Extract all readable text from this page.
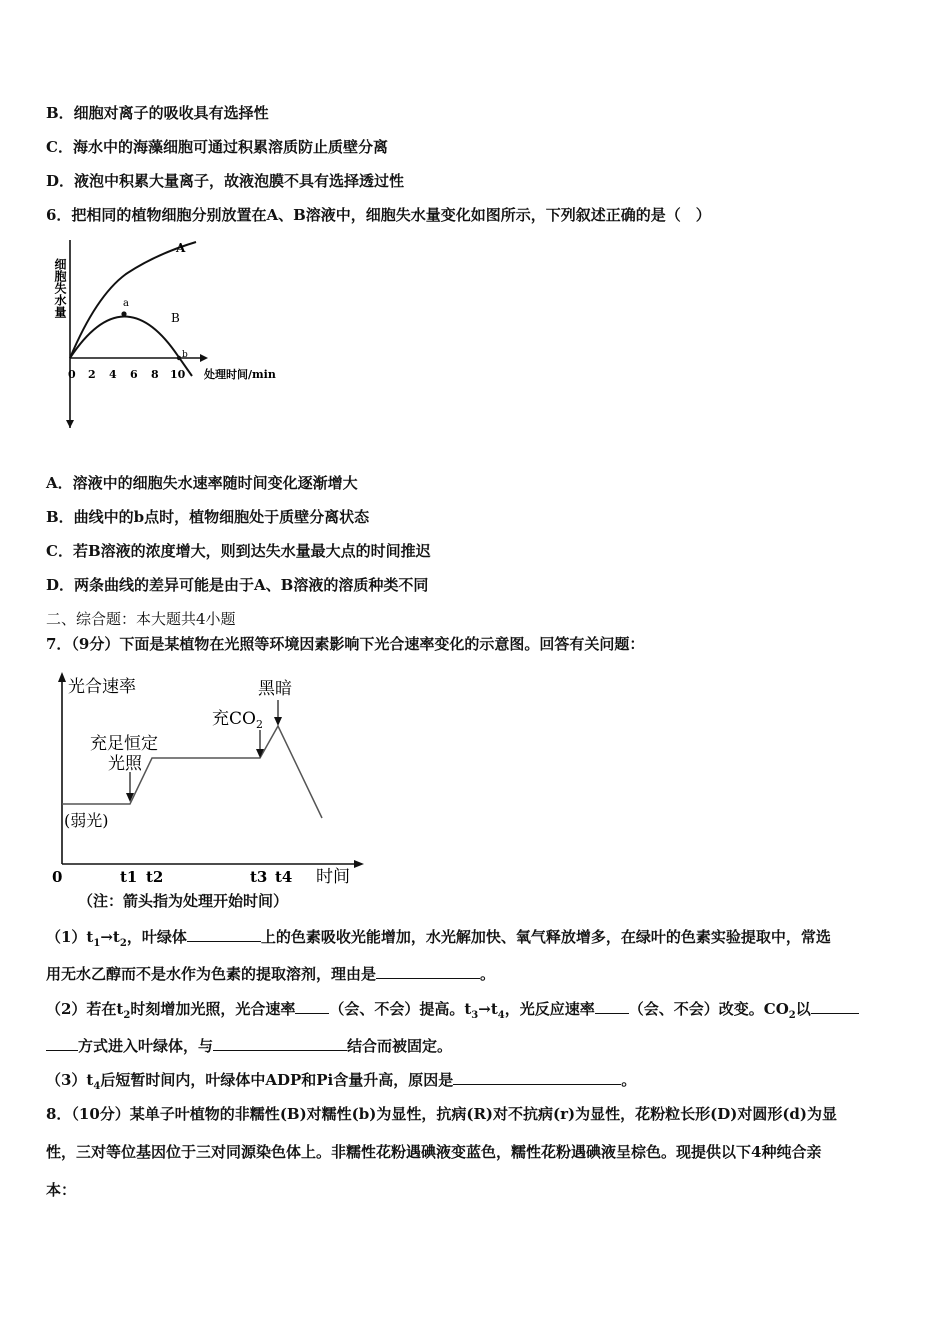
B．细胞对离子的吸收具有选择性
C．海水中的海藻细胞可通过积累溶质防止质壁分离
D．液泡中积累大量离子，故液泡膜不具有选择透过性
6．把相同的植物细胞分别放置在A、B溶液中，细胞失水量变化如图所示，下列叙述正确的是（　）
A
B
a
b
细胞失水量
0 2 4 6 8 10 处理时间/min
A．溶液中的细胞失水速率随时间变化逐渐增大
B．曲线中的b点时，植物细胞处于质壁分离状态
C．若B溶液的浓度增大，则到达失水量最大点的时间推迟
D．两条曲线的差异可能是由于A、B溶液的溶质种类不同
二、综合题：本大题共4小题
7．（9分）下面是某植物在光照等环境因素影响下光合速率变化的示意图。回答有关问题：
光合速率
(弱光)
充足恒定
光照
充$CO_2$
黑暗
0	t1 t2	t3 t4 时间
（注：箭头指为处理开始时间）
$(1)t_1\to t_2$，叶绿体	上的色素吸收光能增加，水光解加快、氧气释放增多，在绿叶的色素实验提取中，常选
用无水乙醇而不是水作为色素的提取溶剂，理由是	。
（2）若在$t_2$时刻增加光照，光合速率 （会、不会）提高。$t_3\to t_4$，光反应速率 （会、不会）改变。$CO_2$以
方式进入叶绿体，与	结合而被固定。
$(3)t_4$后短暂时间内，叶绿体中ADP和Pi含量升高，原因是	。
8．（10分）某单子叶植物的非糯性(B)对糯性(b)为显性，抗病(R)对不抗病(r)为显性，花粉粒长形(D)对圆形(d)为显
性，三对等位基因位于三对同源染色体上。非糯性花粉遇碘液变蓝色，糯性花粉遇碘液呈棕色。现提供以下4种纯合亲
本：
